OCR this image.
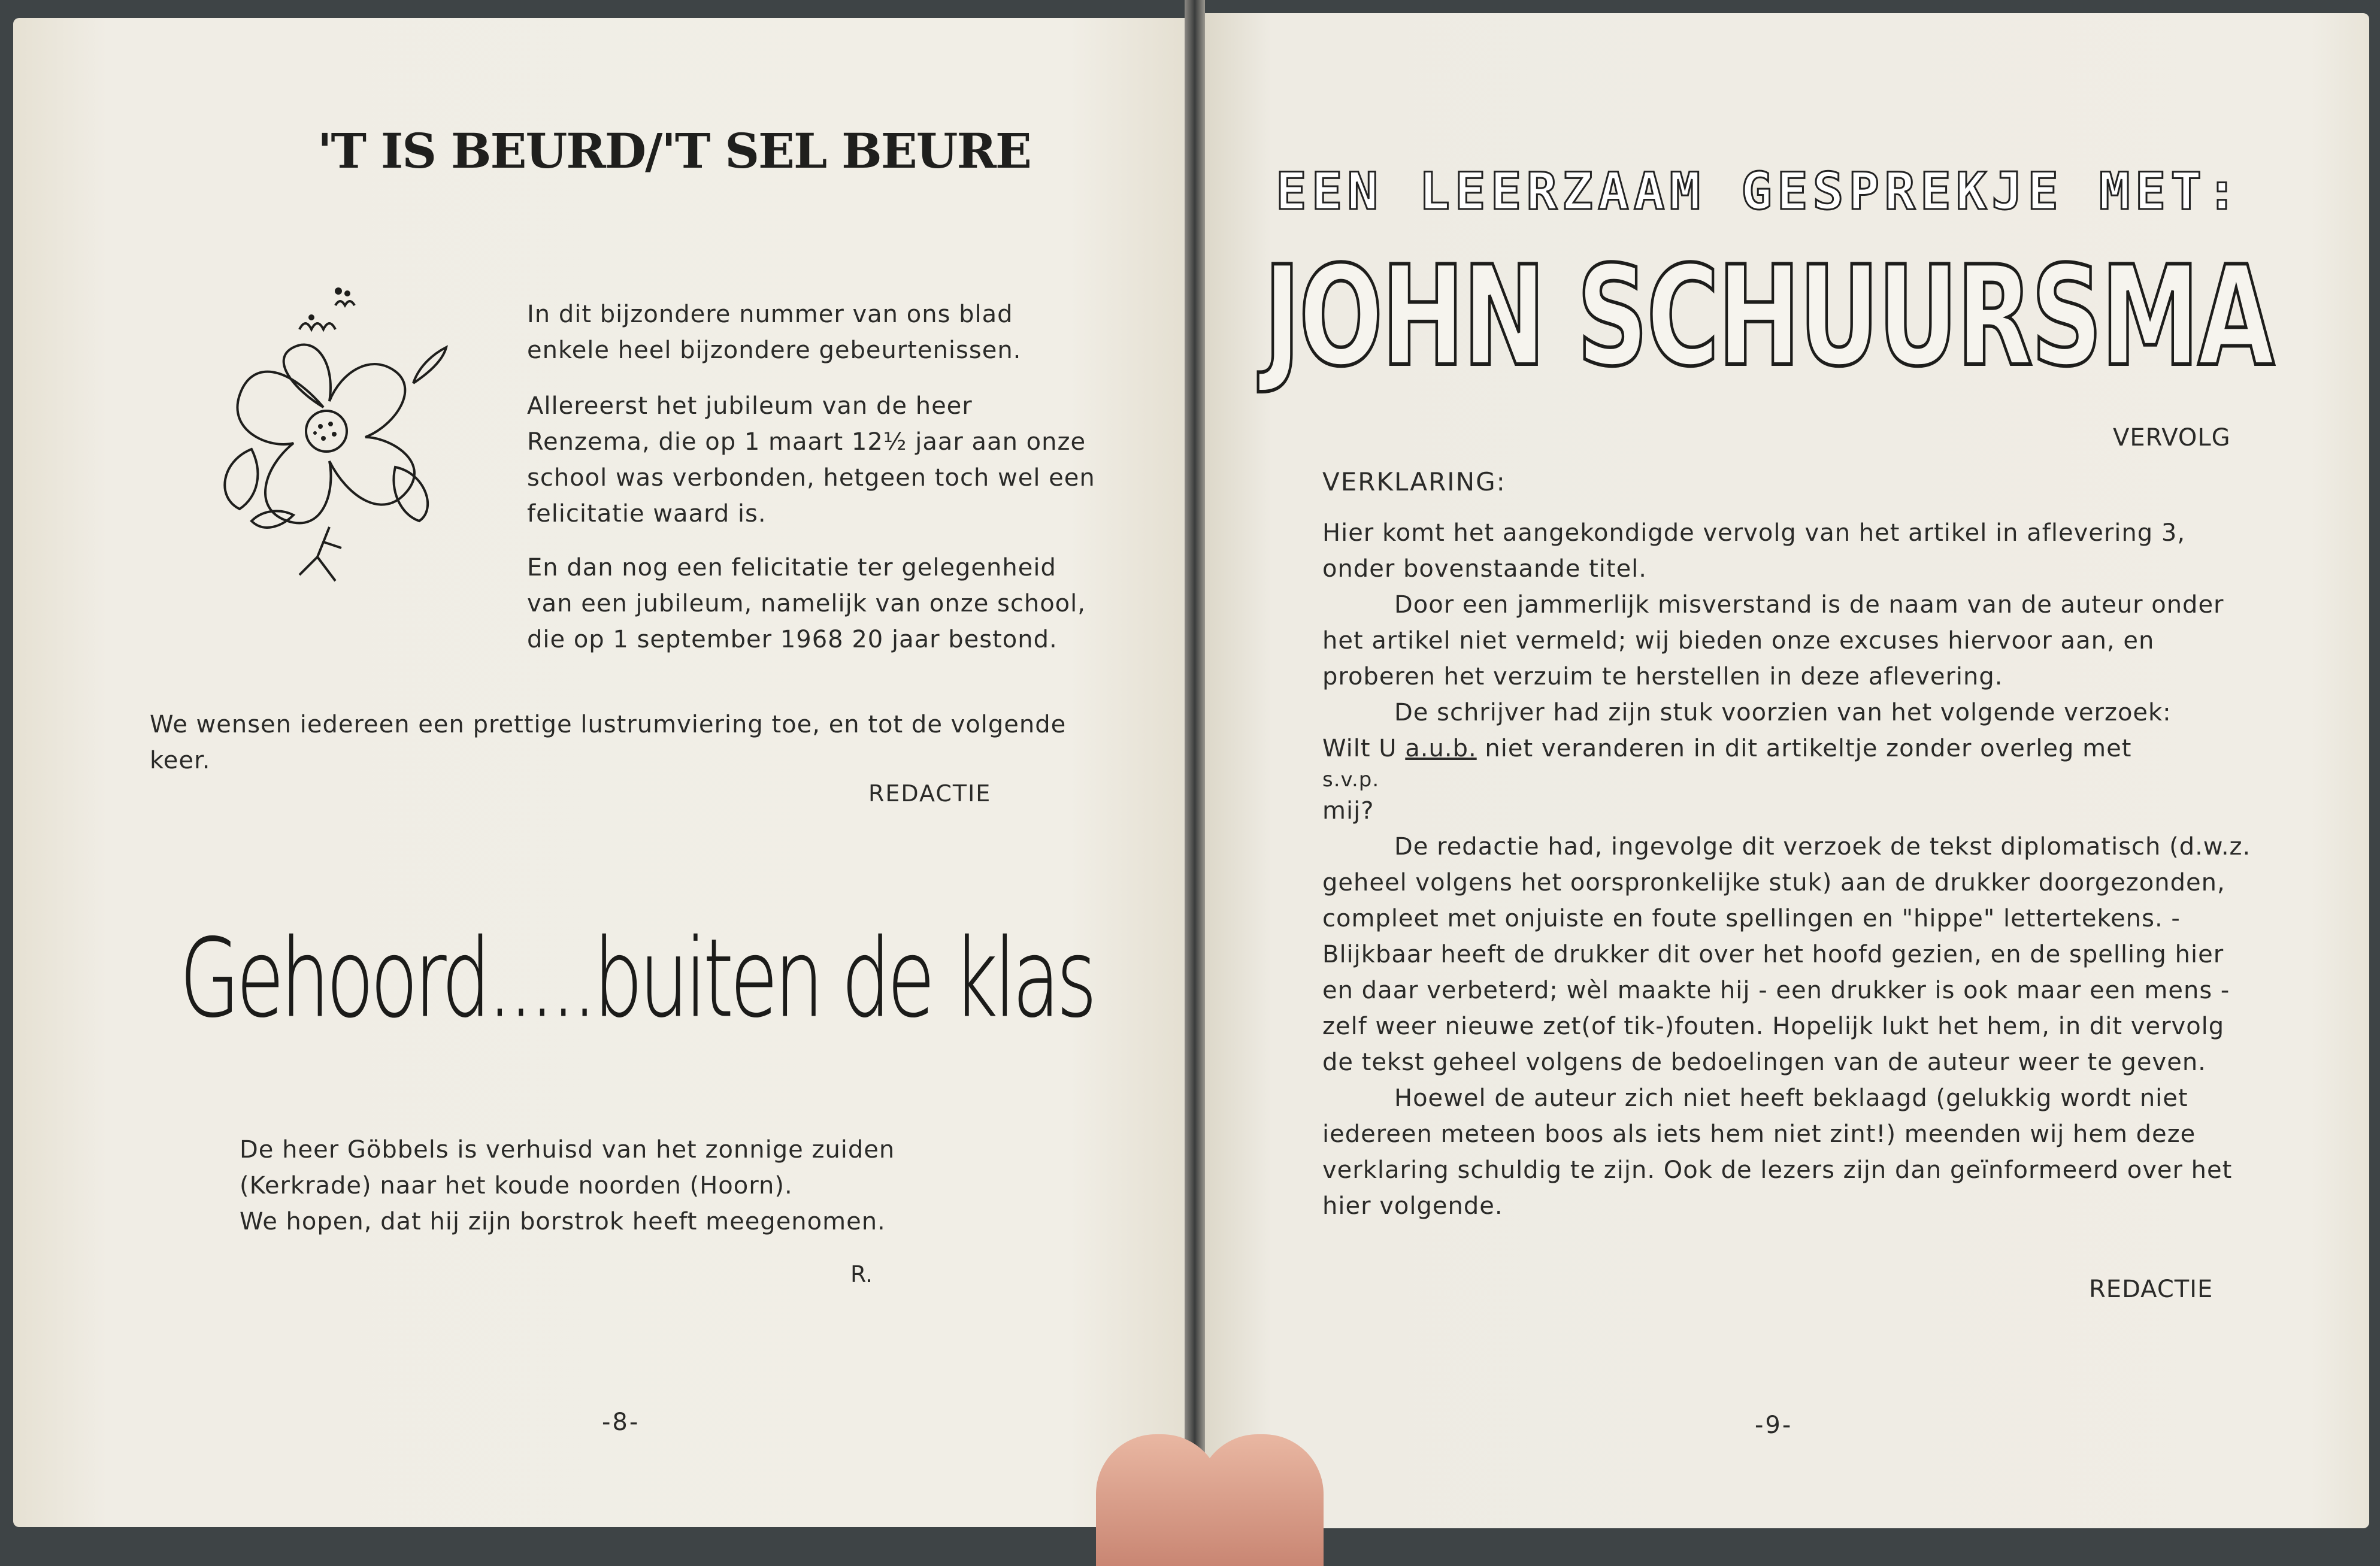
'T IS BEURD/'T SEL BEURE
In dit bijzondere nummer van ons blad enkele heel bijzondere gebeurtenissen.
Allereerst het jubileum van de heer Renzema, die op 1 maart 12½ jaar aan onze school was verbonden, hetgeen toch wel een felicitatie waard is.
En dan nog een felicitatie ter gelegenheid van een jubileum, namelijk van onze school, die op 1 september 1968 20 jaar bestond.
We wensen iedereen een prettige lustrumviering toe, en tot de volgende keer.
REDACTIE
Gehoord.....buiten de klas
De heer Göbbels is verhuisd van het zonnige zuiden
(Kerkrade) naar het koude noorden (Hoorn).
We hopen, dat hij zijn borstrok heeft meegenomen.
R.
-8-
EEN LEERZAAM GESPREKJE MET:
JOHN SCHUURSMA
VERVOLG
VERKLARING:

Hier komt het aangekondigde vervolg van het artikel in aflevering 3, onder bovenstaande titel.

Door een jammerlijk misverstand is de naam van de auteur onder het artikel niet vermeld; wij bieden onze excuses hiervoor aan, en proberen het verzuim te herstellen in deze aflevering.

De schrijver had zijn stuk voorzien van het volgende verzoek:

Wilt U a.u.b. niet veranderen in dit artikeltje zonder overleg met

s.v.p.

mij?

De redactie had, ingevolge dit verzoek de tekst diplomatisch (d.w.z. geheel volgens het oorspronkelijke stuk) aan de drukker doorgezonden, compleet met onjuiste en foute spellingen en "hippe" lettertekens. - Blijkbaar heeft de drukker dit over het hoofd gezien, en de spelling hier en daar verbeterd; wèl maakte hij - een drukker is ook maar een mens - zelf weer nieuwe zet(of tik-)fouten. Hopelijk lukt het hem, in dit vervolg de tekst geheel volgens de bedoelingen van de auteur weer te geven.

Hoewel de auteur zich niet heeft beklaagd (gelukkig wordt niet iedereen meteen boos als iets hem niet zint!) meenden wij hem deze verklaring schuldig te zijn. Ook de lezers zijn dan geïnformeerd over het hier volgende.

REDACTIE
-9-
